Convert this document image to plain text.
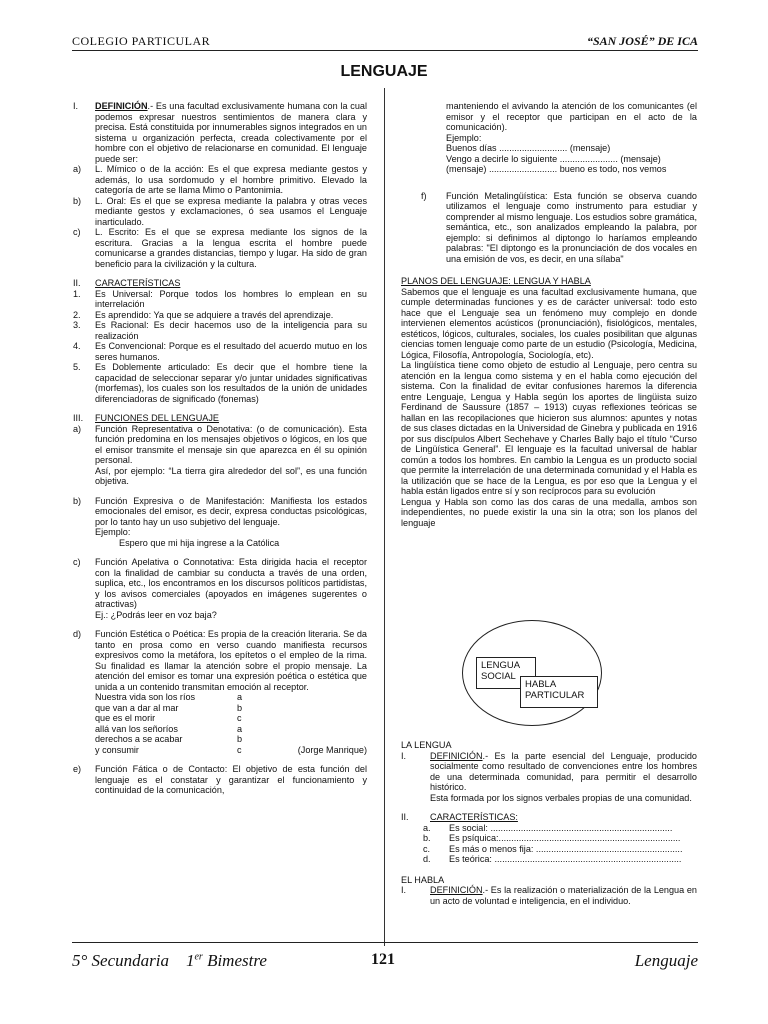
COLEGIO PARTICULAR	“SAN JOSÉ” DE ICA
LENGUAJE
I.	DEFINICIÓN.- Es una facultad exclusivamente humana con la cual podemos expresar nuestros sentimientos de manera clara y precisa. Está constituida por innumerables signos integrados en un sistema u organización perfecta, creada colectivamente por el hombre con el objetivo de relacionarse en comunidad. El lenguaje puede ser:

a)	L. Mímico o de la acción: Es el que expresa mediante gestos y además, lo usa sordomudo y el hombre primitivo. Elevado la categoría de arte se llama Mimo o Pantonimia.

b)	L. Oral: Es el que se expresa mediante la palabra y otras veces mediante gestos y exclamaciones, ó sea usamos el Lenguaje inarticulado.

c)	L. Escrito: Es el que se expresa mediante los signos de la escritura. Gracias a la lengua escrita el hombre puede comunicarse a grandes distancias, tiempo y lugar. Ha sido de gran beneficio para la civilización y la cultura.

II.	CARACTERÍSTICAS

1.	Es Universal: Porque todos los hombres lo emplean en su interrelación

2.	Es aprendido: Ya que se adquiere a través del aprendizaje.

3.	Es Racional: Es decir hacemos uso de la inteligencia para su realización

4.	Es Convencional: Porque es el resultado del acuerdo mutuo en los seres humanos.

5.	Es Doblemente articulado: Es decir que el hombre tiene la capacidad de seleccionar separar y/o juntar unidades significativas (morfemas), los cuales son los resultados de la unión de unidades diferenciadoras de significado (fonemas)

III.	FUNCIONES DEL LENGUAJE

a)	Función Representativa o Denotativa: (o de comunicación). Esta función predomina en los mensajes objetivos o lógicos, en los que el emisor transmite el mensaje sin que aparezca en él su opinión personal.

Así, por ejemplo: “La tierra gira alrededor del sol”, es una función objetiva.

b)	Función Expresiva o de Manifestación: Manifiesta los estados emocionales del emisor, es decir, expresa conductas psicológicas, por lo tanto hay un uso subjetivo del lenguaje.

Ejemplo:

Espero que mi hija ingrese a la Católica

c)	Función Apelativa o Connotativa: Esta dirigida hacia el receptor con la finalidad de cambiar su conducta a través de una orden, suplica, etc., los encontramos en los discursos políticos partidistas, y los avisos comerciales (apoyados en imágenes sugerentes o atractivas)

Ej.: ¿Podrás leer en voz baja?

d)	Función Estética o Poética: Es propia de la creación literaria. Se da tanto en prosa como en verso cuando manifiesta recursos expresivos como la metáfora, los epítetos o el empleo de la rima. Su finalidad es llamar la atención sobre el propio mensaje. La atención del emisor es tomar una expresión poética o estética que unida a un contenido transmitan emoción al receptor.

Nuestra vida son los ríos	a
que van a dar al mar	b
que es el morir	c
allá van los señoríos	a
derechos a se acabar	b
y consumir	c	(Jorge Manrique)
e)	Función Fática o de Contacto: El objetivo de esta función del lenguaje es el constatar y garantizar el funcionamiento y continuidad de la comunicación,

manteniendo el avivando la atención de los comunicantes (el emisor y el receptor que participan en el acto de la comunicación).

Ejemplo:

Buenos días ........................... (mensaje)

Vengo a decirle lo siguiente ....................... (mensaje)

(mensaje) ........................... bueno es todo, nos vemos

f)	Función Metalingüística: Esta función se observa cuando utilizamos el lenguaje como instrumento para estudiar y comprender al mismo lenguaje. Los estudios sobre gramática, semántica, etc., son analizados empleando la palabra, por ejemplo: si definimos al diptongo lo haríamos empleando palabras: "El diptongo es la pronunciación de dos vocales en una emisión de vos, es decir, en una sílaba"

PLANOS DEL LENGUAJE: LENGUA Y HABLA

Sabemos que el lenguaje es una facultad exclusivamente humana, que cumple determinadas funciones y es de carácter universal: todo esto hace que el Lenguaje sea un fenómeno muy complejo en donde intervienen elementos acústicos (pronunciación), fisiológicos, mentales, estéticos, lógicos, culturales, sociales, los cuales posibilitan que algunas ciencias tomen lenguaje como parte de un estudio (Psicología, Medicina, Lógica, Filosofía, Antropología, Sociología, etc).

La lingüística tiene como objeto de estudio al Lenguaje, pero centra su atención en la lengua como sistema y en el habla como ejecución del sistema. Con la finalidad de evitar confusiones haremos la diferencia entre Lenguaje, Lengua y Habla según los aportes de lingüista suizo Ferdinand de Saussure (1857 – 1913) cuyas reflexiones teóricas se hallan en las recopilaciones que hicieron sus alumnos: apuntes y notas de sus clases dictadas en la Universidad de Ginebra y publicada en 1916 por sus discípulos Albert Sechehave y Charles Bally bajo el título “Curso de Lingüística General”. El lenguaje es la facultad universal de hablar común a todos los hombres. En cambio la Lengua es un producto social que permite la interrelación de una determinada comunidad y el Habla es la utilización que se hace de la Lengua, es por eso que la Lengua y el habla están ligados entre sí y son recíprocos para su evolución

Lengua y Habla son como las dos caras de una medalla, ambos son independientes, no puede existir la una sin la otra; son los planos del lenguaje

LENGUA
SOCIAL
HABLA
PARTICULAR

LA LENGUA

I.	DEFINICIÓN.- Es la parte esencial del Lenguaje, producido socialmente como resultado de convenciones entre los hombres de una determinada comunidad, para permitir el desarrollo histórico.

Esta formada por los signos verbales propias de una comunidad.

II.	CARACTERÍSTICAS:

a.	Es social: ........................................................................

b.	Es psíquica:........................................................................

c.	Es más o menos fija: ..........................................................

d.	Es teórica: ..........................................................................

EL HABLA

I.	DEFINICIÓN.- Es la realización o materialización de la Lengua en un acto de voluntad e inteligencia, en el individuo.

5° Secundaria 1er Bimestre	121	Lenguaje
